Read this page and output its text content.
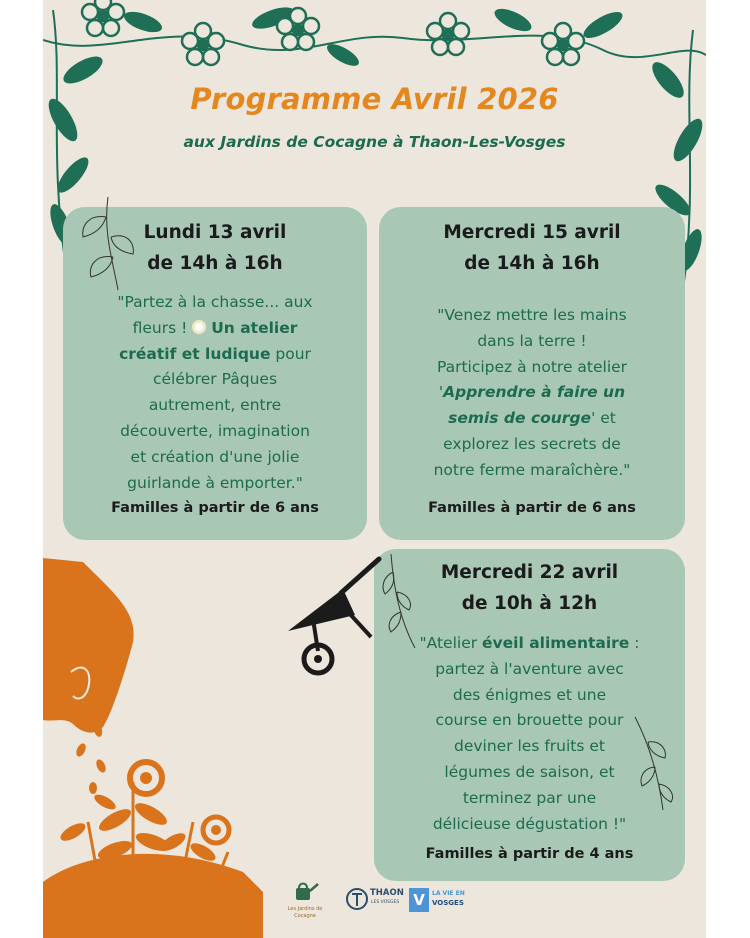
Programme Avril 2026

aux Jardins de Cocagne à Thaon-Les-Vosges

Lundi 13 avril
de 14h à 16h
"Partez à la chasse... aux
fleurs !  Un atelier
créatif et ludique pour
célébrer Pâques
autrement, entre
découverte, imagination
et création d'une jolie
guirlande à emporter."
Familles à partir de 6 ans
Mercredi 15 avril
de 14h à 16h
"Venez mettre les mains
dans la terre !
Participez à notre atelier
'Apprendre à faire un
semis de courge' et
explorez les secrets de
notre ferme maraîchère."
Familles à partir de 6 ans
Mercredi 22 avril
de 10h à 12h
"Atelier éveil alimentaire :
partez à l'aventure avec
des énigmes et une
course en brouette pour
deviner les fruits et
légumes de saison, et
terminez par une
délicieuse dégustation !"
Familles à partir de 4 ans
Les Jardins de Cocagne
THAON
LES VOSGES V	LA VIE EN
VOSGES
